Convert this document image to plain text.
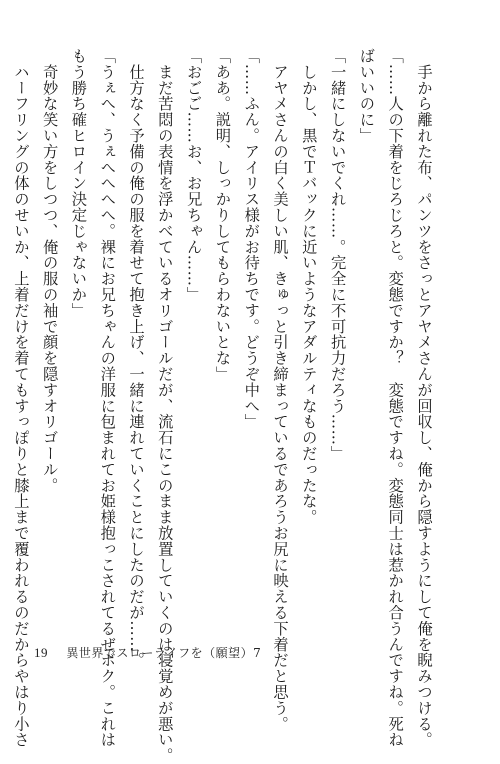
　手から離れた布、パンツをさっとアヤメさんが回収し、俺から隠すようにして俺を睨みつける。
「……人の下着をじろじろと。変態ですか？　変態ですね。変態同士は惹かれ合うんですね。死ね
ばいいのに」
「一緒にしないでくれ……。完全に不可抗力だろう……」
　しかし、黒でＴバックに近いようなアダルティなものだったな。
　アヤメさんの白く美しい肌、きゅっと引き締まっているであろうお尻に映える下着だと思う。
「……ふん。アイリス様がお待ちです。どうぞ中へ」
「ああ。説明、しっかりしてもらわないとな」
「おごご……お、お兄ちゃん……」
　まだ苦悶の表情を浮かべているオリゴールだが、流石にこのまま放置していくのは寝覚めが悪い。
　仕方なく予備の俺の服を着せて抱き上げ、一緒に連れていくことにしたのだが……。
「うぇへ、うぇへへへへ。裸にお兄ちゃんの洋服に包まれてお姫様抱っこされてるぜボク。これは
もう勝ち確ヒロイン決定じゃないか」
　奇妙な笑い方をしつつ、俺の服の袖で顔を隠すオリゴール。
　ハーフリングの体のせいか、上着だけを着てもすっぽりと膝上まで覆われるのだからやはり小さ 19 異世界でスローライフを（願望）7
